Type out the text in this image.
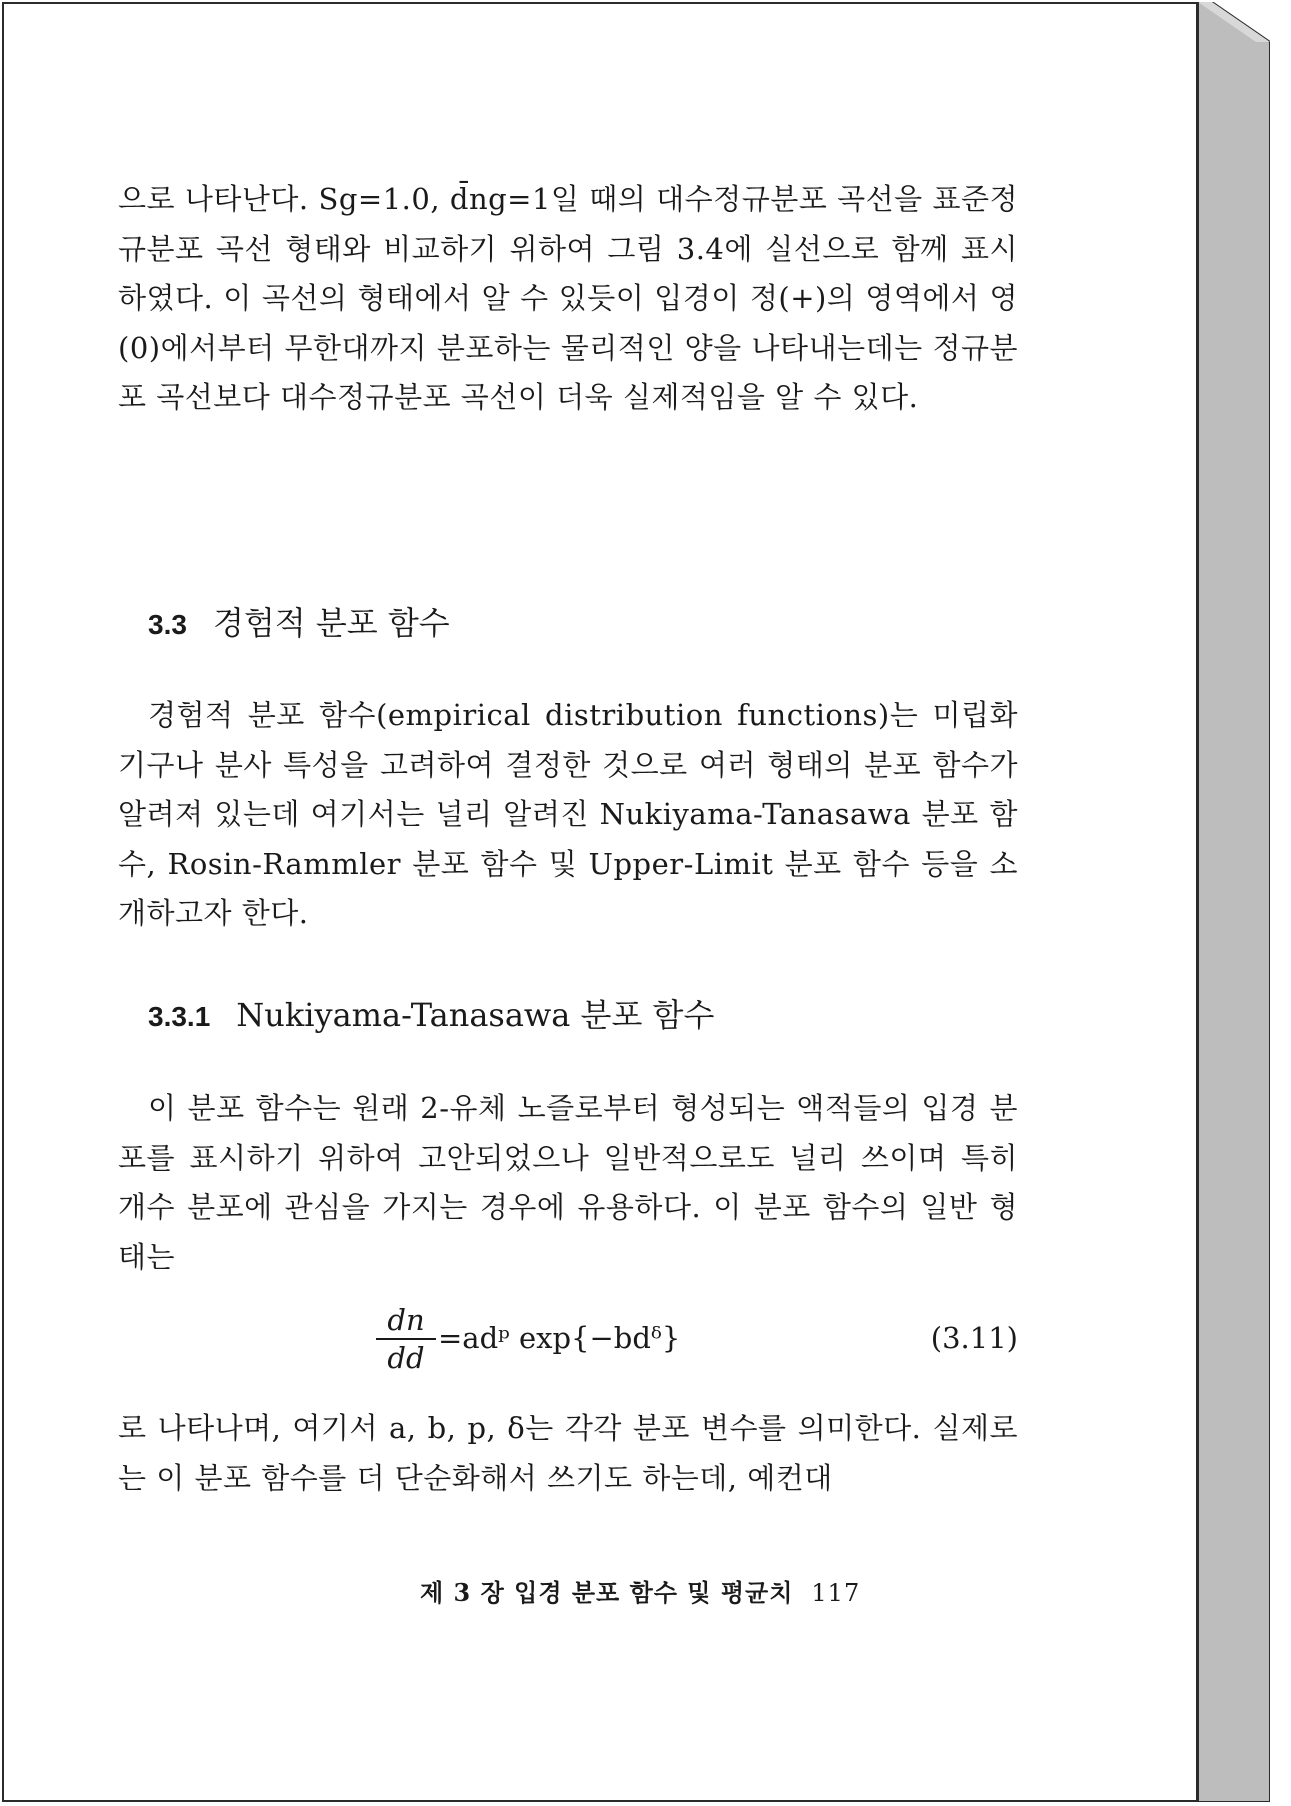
으로 나타난다. Sg=1.0, d̄ng=1일 때의 대수정규분포 곡선을 표준정규분포 곡선 형태와 비교하기 위하여 그림 3.4에 실선으로 함께 표시하였다. 이 곡선의 형태에서 알 수 있듯이 입경이 정(+)의 영역에서 영(0)에서부터 무한대까지 분포하는 물리적인 양을 나타내는데는 정규분포 곡선보다 대수정규분포 곡선이 더욱 실제적임을 알 수 있다.

3.3 경험적 분포 함수

경험적 분포 함수(empirical distribution functions)는 미립화 기구나 분사 특성을 고려하여 결정한 것으로 여러 형태의 분포 함수가 알려져 있는데 여기서는 널리 알려진 Nukiyama-Tanasawa 분포 함수, Rosin-Rammler 분포 함수 및 Upper-Limit 분포 함수 등을 소개하고자 한다.

3.3.1 Nukiyama-Tanasawa 분포 함수

이 분포 함수는 원래 2-유체 노즐로부터 형성되는 액적들의 입경 분포를 표시하기 위하여 고안되었으나 일반적으로도 널리 쓰이며 특히 개수 분포에 관심을 가지는 경우에 유용하다. 이 분포 함수의 일반 형태는

$\frac{dn}{dd}$ =adᵖ exp{−bdᵟ}	(3.11)

로 나타나며, 여기서 a, b, p, δ는 각각 분포 변수를 의미한다. 실제로는 이 분포 함수를 더 단순화해서 쓰기도 하는데, 예컨대

제 3 장 입경 분포 함수 및 평균치 117
